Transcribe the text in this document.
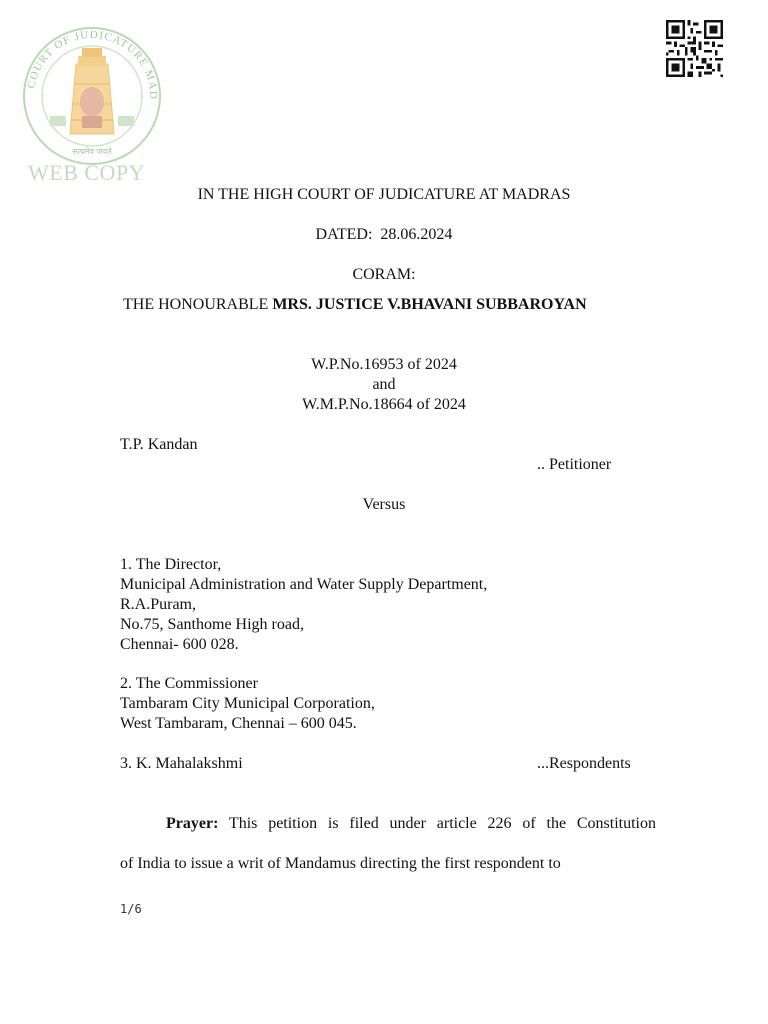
COURT OF JUDICATURE MAD
सत्यमेव जयते
WEB COPY
IN THE HIGH COURT OF JUDICATURE AT MADRAS
DATED:  28.06.2024
CORAM:
THE HONOURABLE MRS. JUSTICE V.BHAVANI SUBBAROYAN
W.P.No.16953 of 2024
and
W.M.P.No.18664 of 2024
T.P. Kandan
.. Petitioner
Versus
1. The Director,
Municipal Administration and Water Supply Department,
R.A.Puram,
No.75, Santhome High road,
Chennai- 600 028.
2. The Commissioner
Tambaram City Municipal Corporation,
West Tambaram, Chennai – 600 045.
3. K. Mahalakshmi	...Respondents
Prayer: This petition is filed under article 226 of the Constitution
of India to issue a writ of Mandamus directing the first respondent to
1/6
